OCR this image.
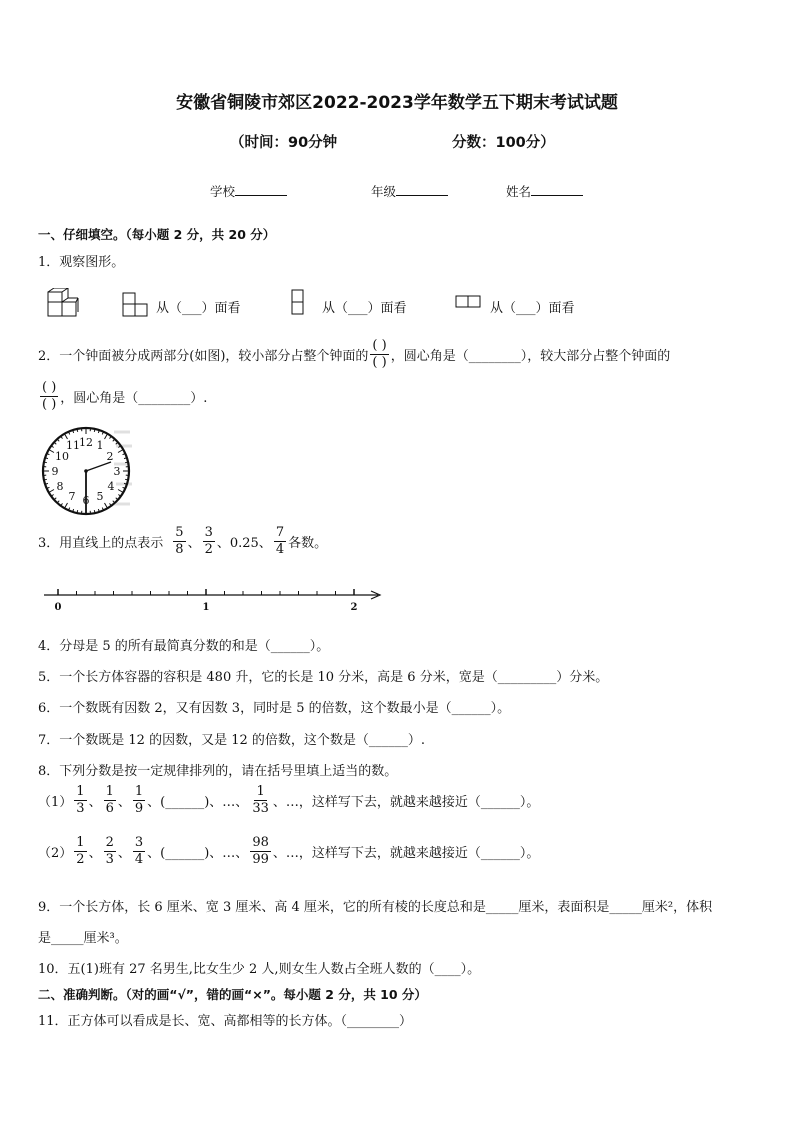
安徽省铜陵市郊区2022-2023学年数学五下期末考试试题
（时间：90分钟	分数：100分）
学校	年级	姓名
一、仔细填空。（每小题 2 分，共 20 分）
1．观察图形。
从（___）面看	从（___）面看	从（___）面看
2．一个钟面被分成两部分(如图)，较小部分占整个钟面的 $\frac{( )}{( )}$ ，圆心角是（________），较大部分占整个钟面的
$\frac{( )}{( )}$ ，圆心角是（________）.
12 1
2
3
4
5
6
7
8
9
10
11
3．用直线上的点表示 $\frac{5}{8}$ 、 $\frac{3}{2}$ 、0.25、 $\frac{7}{4}$ 各数。
0	1	2
4．分母是 5 的所有最简真分数的和是（______）。
5．一个长方体容器的容积是 480 升，它的长是 10 分米，高是 6 分米，宽是（_________）分米。
6．一个数既有因数 2，又有因数 3，同时是 5 的倍数，这个数最小是（______）。
7．一个数既是 12 的因数，又是 12 的倍数，这个数是（______）.
8．下列分数是按一定规律排列的，请在括号里填上适当的数。
$(1) \frac{1}{3}$ 、 $\frac{1}{6}$ 、 $\frac{1}{9}$ 、(______)、…、 $\frac{1}{33}$ 、…，这样写下去，就越来越接近（______）。
$(2) \frac{1}{2}$ 、 $\frac{2}{3}$ 、 $\frac{3}{4}$ 、(______)、…、 $\frac{98}{99}$ 、…，这样写下去，就越来越接近（______）。
9．一个长方体，长 6 厘米、宽 3 厘米、高 4 厘米，它的所有棱的长度总和是_____厘米，表面积是_____厘米²，体积
是_____厘米³。
10．五(1)班有 27 名男生,比女生少 2 人,则女生人数占全班人数的（____）。
二、准确判断。（对的画“√”，错的画“×”。每小题 2 分，共 10 分）
11．正方体可以看成是长、宽、高都相等的长方体。（________）
